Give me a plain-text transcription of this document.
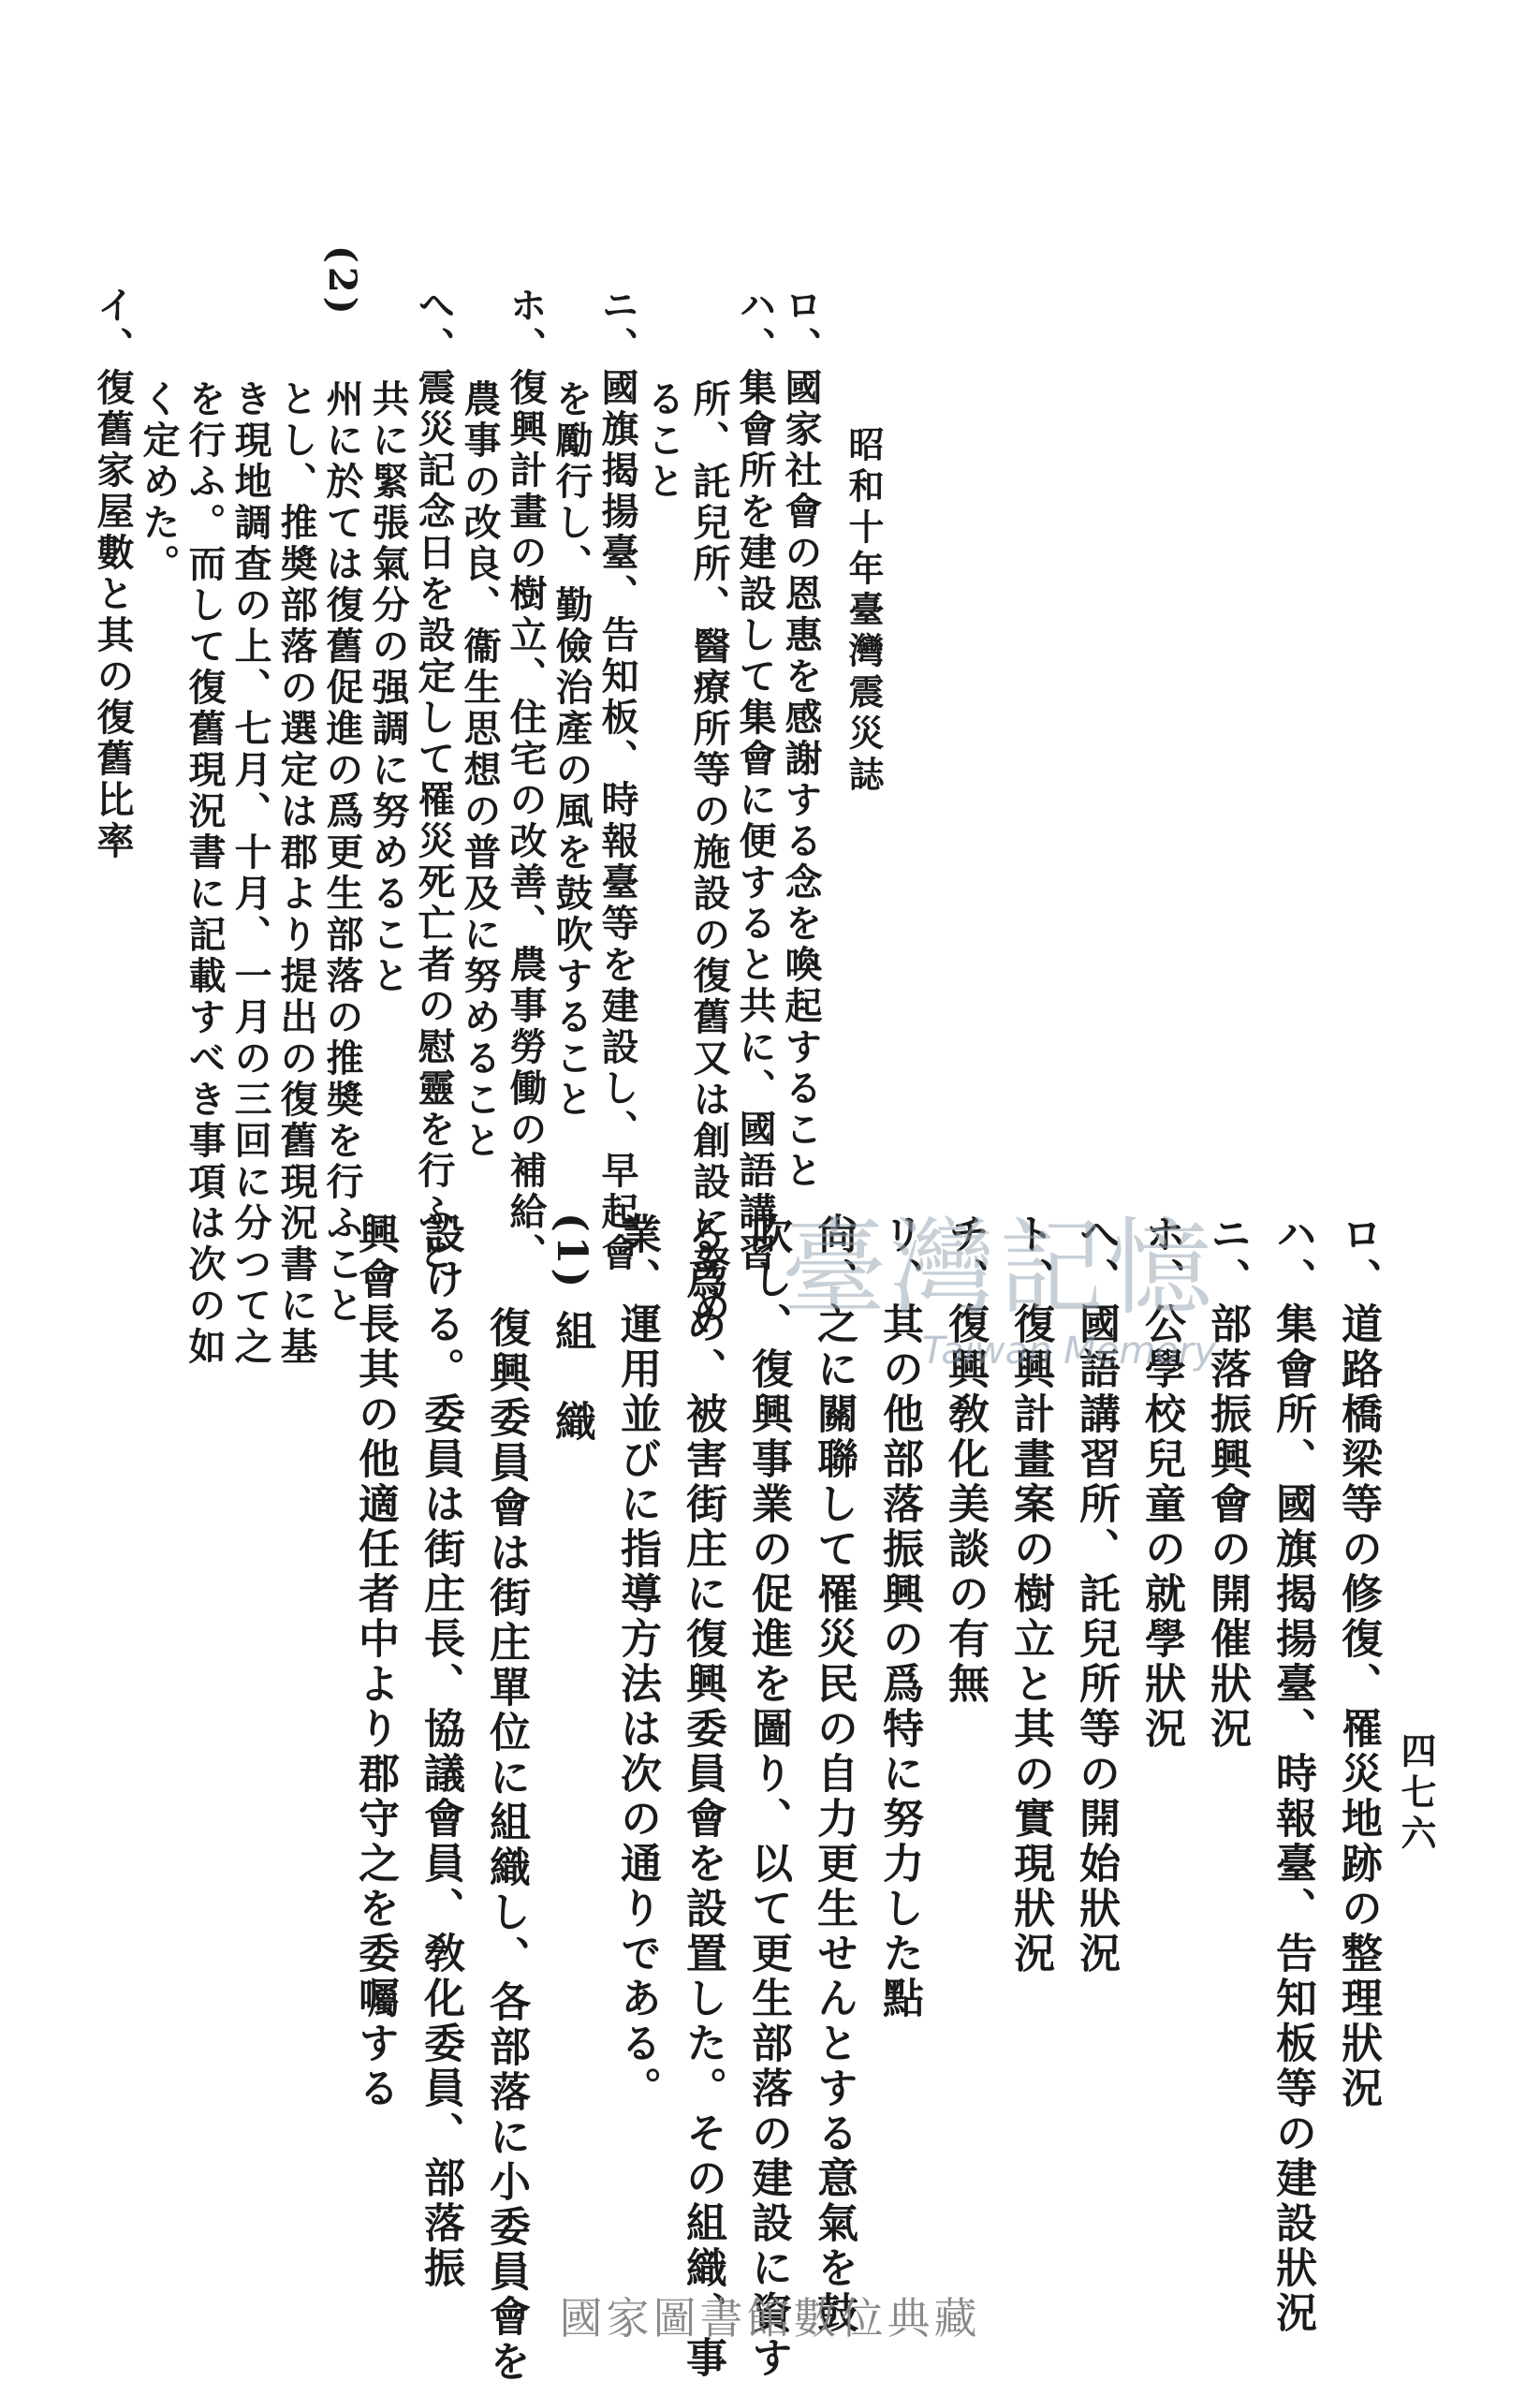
昭和十年臺灣震災誌
四七六
ロ、國家社會の恩惠を感謝する念を喚起すること
ハ、集會所を建設して集會に便すると共に、國語講習
所、託兒所、醫療所等の施設の復舊又は創設に努め
ること
ニ、國旗揭揚臺、告知板、時報臺等を建設し、早起會
を勵行し、勤儉治產の風を鼓吹すること
ホ、復興計畫の樹立、住宅の改善、農事勞働の補給、
農事の改良、衞生思想の普及に努めること
へ、震災記念日を設定して罹災死亡者の慰靈を行ふと
共に緊張氣分の强調に努めること
(2)
州に於ては復舊促進の爲更生部落の推奬を行ふこと
とし、推奬部落の選定は郡より提出の復舊現況書に基
き現地調査の上、七月、十月、一月の三回に分つて之
を行ふ。而して復舊現況書に記載すべき事項は次の如
く定めた。
イ、復舊家屋數と其の復舊比率
ロ、道路橋梁等の修復、罹災地跡の整理狀況
ハ、集會所、國旗揭揚臺、時報臺、告知板等の建設狀況
ニ、部落振興會の開催狀況
ホ、公學校兒童の就學狀況
へ、國語講習所、託兒所等の開始狀況
ト、復興計畫案の樹立と其の實現狀況
チ、復興敎化美談の有無
リ、其の他部落振興の爲特に努力した點
尙、之に關聯して罹災民の自力更生せんとする意氣を鼓
吹し、復興事業の促進を圖り、以て更生部落の建設に資す
る爲め、被害街庄に復興委員會を設置した。その組織、事
業、運用並びに指導方法は次の通りである。
(1) 組　織
復興委員會は街庄單位に組織し、各部落に小委員會を
設ける。委員は街庄長、協議會員、敎化委員、部落振
興會長其の他適任者中より郡守之を委囑する	臺灣記憶
Taiwan Memory
國家圖書館數位典藏
